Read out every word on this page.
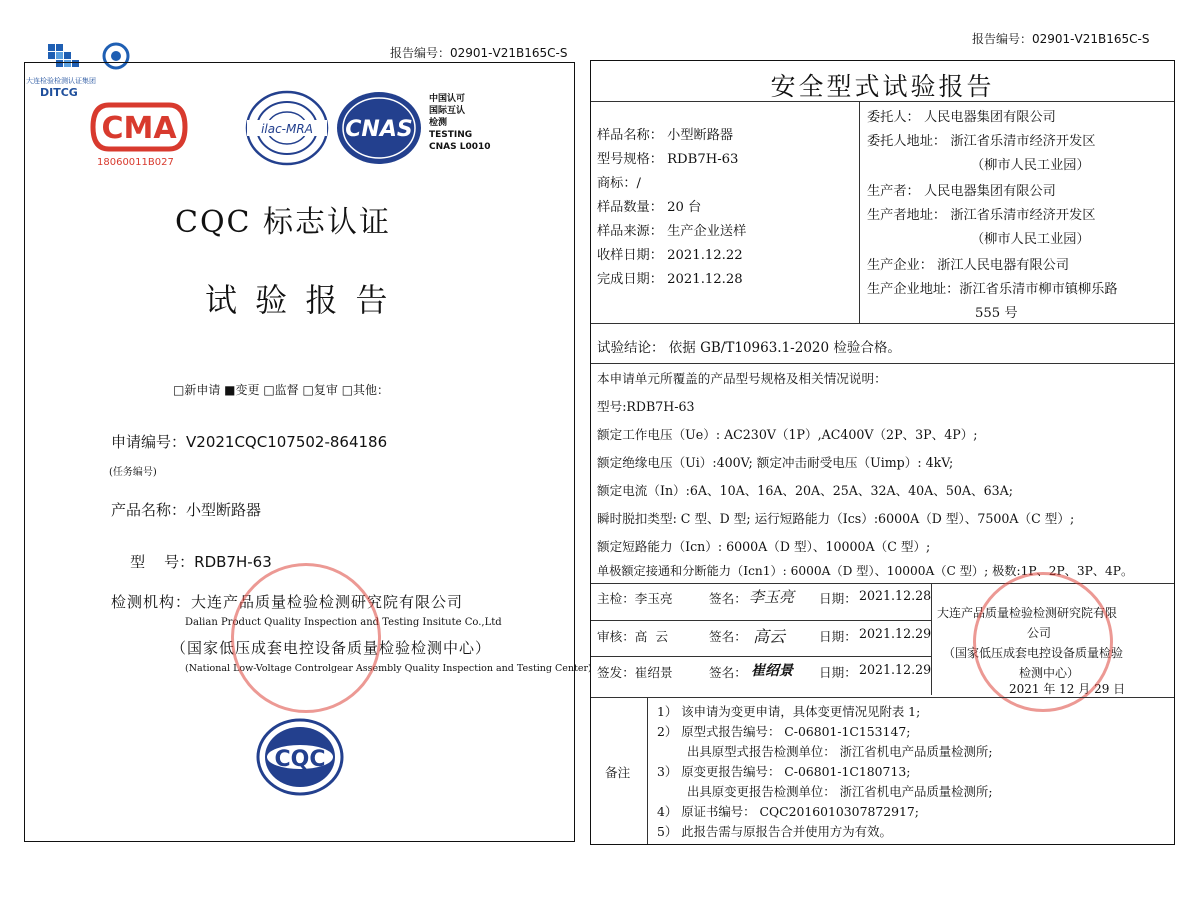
大连检验检测认证集团
DITCG
报告编号：02901-V21B165C-S
CMA
18060011B027
ilac-MRA CNAS
中国认可
国际互认
检测
TESTING
CNAS L0010
CQC 标志认证
试 验 报 告
□新申请 ■变更 □监督 □复审 □其他：
申请编号：V2021CQC107502-864186
(任务编号)
产品名称：小型断路器

型    号：RDB7H-63

检测机构：大连产品质量检验检测研究院有限公司
Dalian Product Quality Inspection and Testing Insitute Co.,Ltd
（国家低压成套电控设备质量检验检测中心）
(National Low-Voltage Controlgear Assembly Quality Inspection and Testing Center)
CQC
报告编号：02901-V21B165C-S
安全型式试验报告
样品名称： 小型断路器
型号规格： RDB7H-63
商标：/
样品数量： 20 台
样品来源： 生产企业送样
收样日期： 2021.12.22
完成日期： 2021.12.28
委托人： 人民电器集团有限公司
委托人地址： 浙江省乐清市经济开发区
（柳市人民工业园）
生产者： 人民电器集团有限公司
生产者地址： 浙江省乐清市经济开发区
（柳市人民工业园）
生产企业： 浙江人民电器有限公司
生产企业地址：浙江省乐清市柳市镇柳乐路
555 号
试验结论： 依据 GB/T10963.1-2020 检验合格。
本申请单元所覆盖的产品型号规格及相关情况说明：
型号:RDB7H-63
额定工作电压（Ue）: AC230V（1P）,AC400V（2P、3P、4P）;
额定绝缘电压（Ui）:400V; 额定冲击耐受电压（Uimp）: 4kV;
额定电流（In）:6A、10A、16A、20A、25A、32A、40A、50A、63A;
瞬时脱扣类型: C 型、D 型; 运行短路能力（Ics）:6000A（D 型）、7500A（C 型）;
额定短路能力（Icn）: 6000A（D 型）、10000A（C 型）;
单极额定接通和分断能力（Icn1）: 6000A（D 型）、10000A（C 型）; 极数:1P、2P、3P、4P。
主检：李玉亮	签名： 李玉亮 日期： 2021.12.28
审核：高  云	签名： 高云	日期： 2021.12.29
签发：崔绍景	签名： 崔绍景 日期： 2021.12.29
大连产品质量检验检测研究院有限
公司
（国家低压成套电控设备质量检验
检测中心）
2021 年 12 月 29 日
备注
1） 该申请为变更申请，具体变更情况见附表 1;
2） 原型式报告编号： C-06801-1C153147;
出具原型式报告检测单位： 浙江省机电产品质量检测所;
3） 原变更报告编号： C-06801-1C180713;
出具原变更报告检测单位： 浙江省机电产品质量检测所;
4） 原证书编号： CQC2016010307872917;
5） 此报告需与原报告合并使用方为有效。
